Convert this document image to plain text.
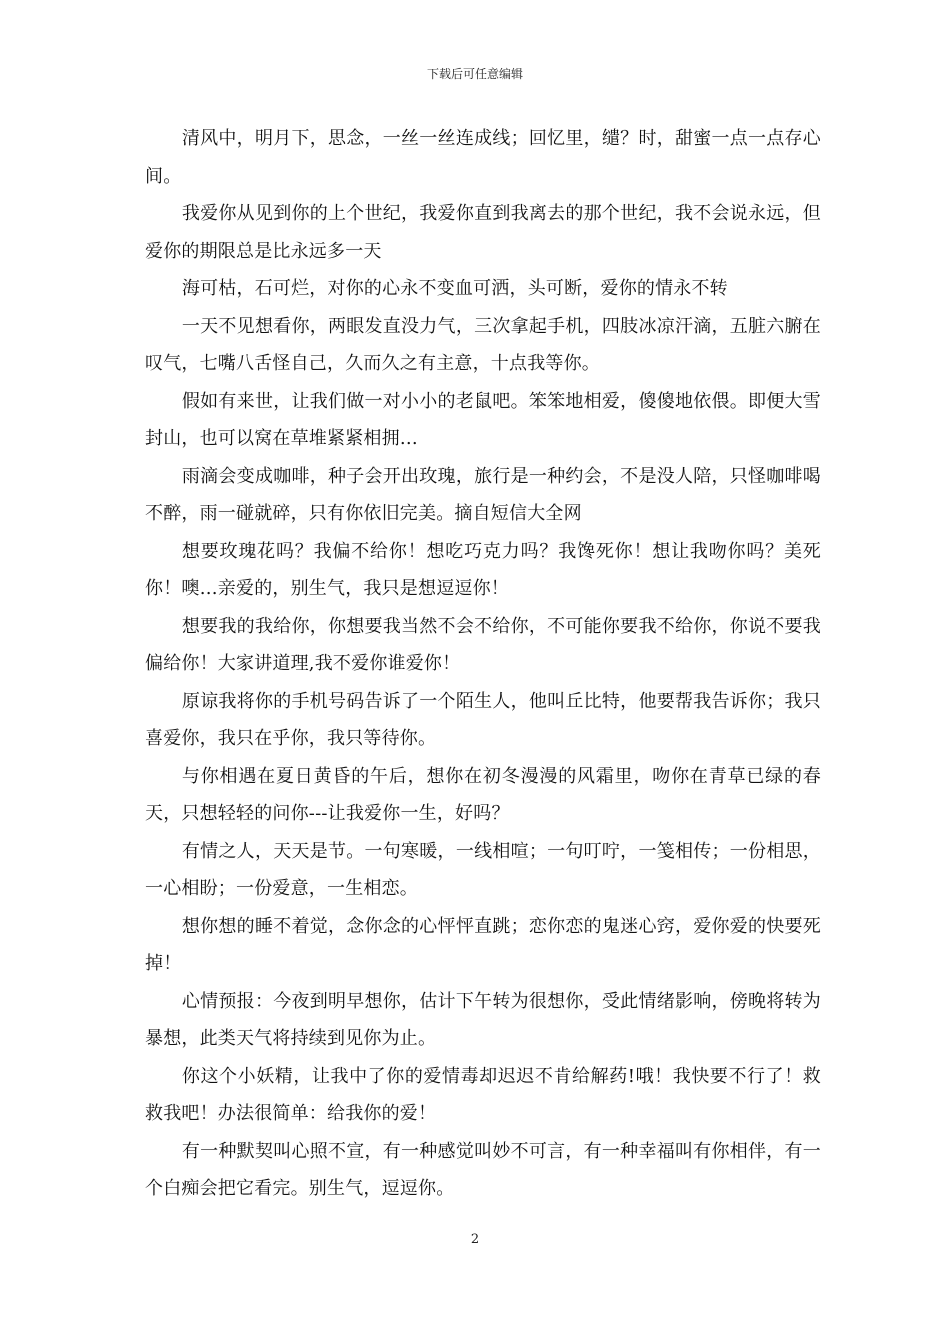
下载后可任意编辑

清风中，明月下，思念，一丝一丝连成线；回忆里，缱？时，甜蜜一点一点存心间。

我爱你从见到你的上个世纪，我爱你直到我离去的那个世纪，我不会说永远，但爱你的期限总是比永远多一天

海可枯，石可烂，对你的心永不变血可洒，头可断，爱你的情永不转

一天不见想看你，两眼发直没力气，三次拿起手机，四肢冰凉汗滴，五脏六腑在叹气，七嘴八舌怪自己，久而久之有主意，十点我等你。

假如有来世，让我们做一对小小的老鼠吧。笨笨地相爱，傻傻地依偎。即便大雪封山，也可以窝在草堆紧紧相拥…

雨滴会变成咖啡，种子会开出玫瑰，旅行是一种约会，不是没人陪，只怪咖啡喝不醉，雨一碰就碎，只有你依旧完美。摘自短信大全网

想要玫瑰花吗？我偏不给你！想吃巧克力吗？我馋死你！想让我吻你吗？美死你！噢…亲爱的，别生气，我只是想逗逗你！

想要我的我给你，你想要我当然不会不给你，不可能你要我不给你，你说不要我偏给你！大家讲道理,我不爱你谁爱你！

原谅我将你的手机号码告诉了一个陌生人，他叫丘比特，他要帮我告诉你；我只喜爱你，我只在乎你，我只等待你。

与你相遇在夏日黄昏的午后，想你在初冬漫漫的风霜里，吻你在青草已绿的春天，只想轻轻的问你---让我爱你一生，好吗？

有情之人，天天是节。一句寒暖，一线相喧；一句叮咛，一笺相传；一份相思，一心相盼；一份爱意，一生相恋。

想你想的睡不着觉，念你念的心怦怦直跳；恋你恋的鬼迷心窍，爱你爱的快要死掉！

心情预报：今夜到明早想你，估计下午转为很想你，受此情绪影响，傍晚将转为暴想，此类天气将持续到见你为止。

你这个小妖精，让我中了你的爱情毒却迟迟不肯给解药!哦！我快要不行了！救救我吧！办法很简单：给我你的爱！

有一种默契叫心照不宣，有一种感觉叫妙不可言，有一种幸福叫有你相伴，有一个白痴会把它看完。别生气，逗逗你。

2
